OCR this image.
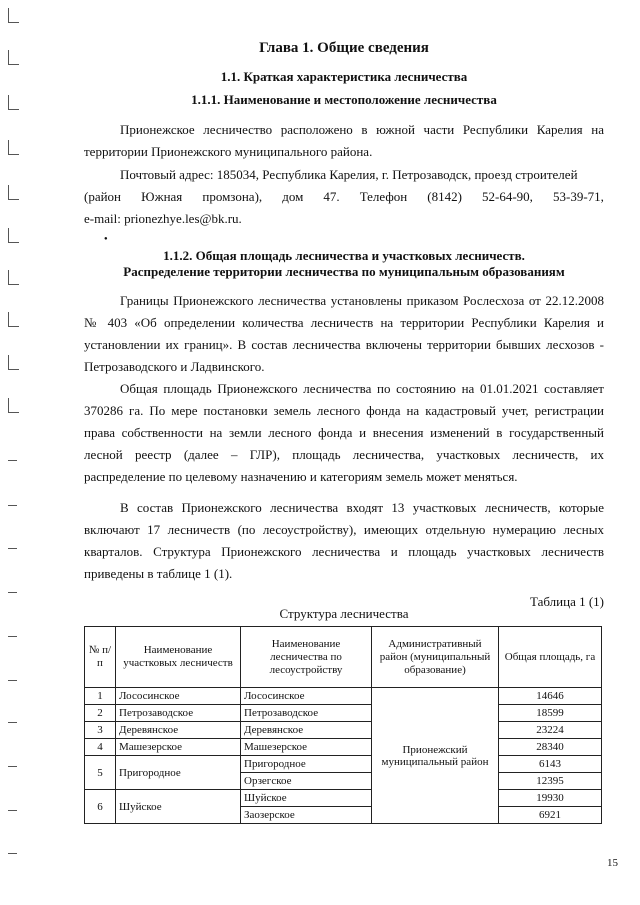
Глава 1. Общие сведения
1.1. Краткая характеристика лесничества
1.1.1. Наименование и местоположение лесничества
Прионежское лесничество расположено в южной части Республики Карелия на территории Прионежского муниципального района.
Почтовый адрес: 185034, Республика Карелия, г. Петрозаводск, проезд строителей
(район Южная промзона), дом 47. Телефон (8142) 52-64-90, 53-39-71,
e-mail: prionezhye.les@bk.ru.
1.1.2. Общая площадь лесничества и участковых лесничеств.
Распределение территории лесничества по муниципальным образованиям
Границы Прионежского лесничества установлены приказом Рослесхоза от 22.12.2008 № 403 «Об определении количества лесничеств на территории Республики Карелия и установлении их границ». В состав лесничества включены территории бывших лесхозов - Петрозаводского и Ладвинского.
Общая площадь Прионежского лесничества по состоянию на 01.01.2021 составляет 370286 га. По мере постановки земель лесного фонда на кадастровый учет, регистрации права собственности на земли лесного фонда и внесения изменений в государственный лесной реестр (далее – ГЛР), площадь лесничества, участковых лесничеств, их распределение по целевому назначению и категориям земель может меняться.
В состав Прионежского лесничества входят 13 участковых лесничеств, которые включают 17 лесничеств (по лесоустройству), имеющих отдельную нумерацию лесных кварталов. Структура Прионежского лесничества и площадь участковых лесничеств приведены в таблице 1 (1).
Таблица 1 (1)
Структура лесничества
№ п/п	Наименование участковых лесничеств	Наименование лесничества по лесоустройству	Административный район (муниципальный образование)	Общая площадь, га
1	Лососинское	Лососинское	Прионежский муниципальный район	14646
2	Петрозаводское	Петрозаводское		18599
3	Деревянское	Деревянское		23224
4	Машезерское	Машезерское		28340
5	Пригородное	Пригородное		6143
		Орзегское		12395
6	Шуйское	Шуйское		19930
		Заозерское		6921
●
15
